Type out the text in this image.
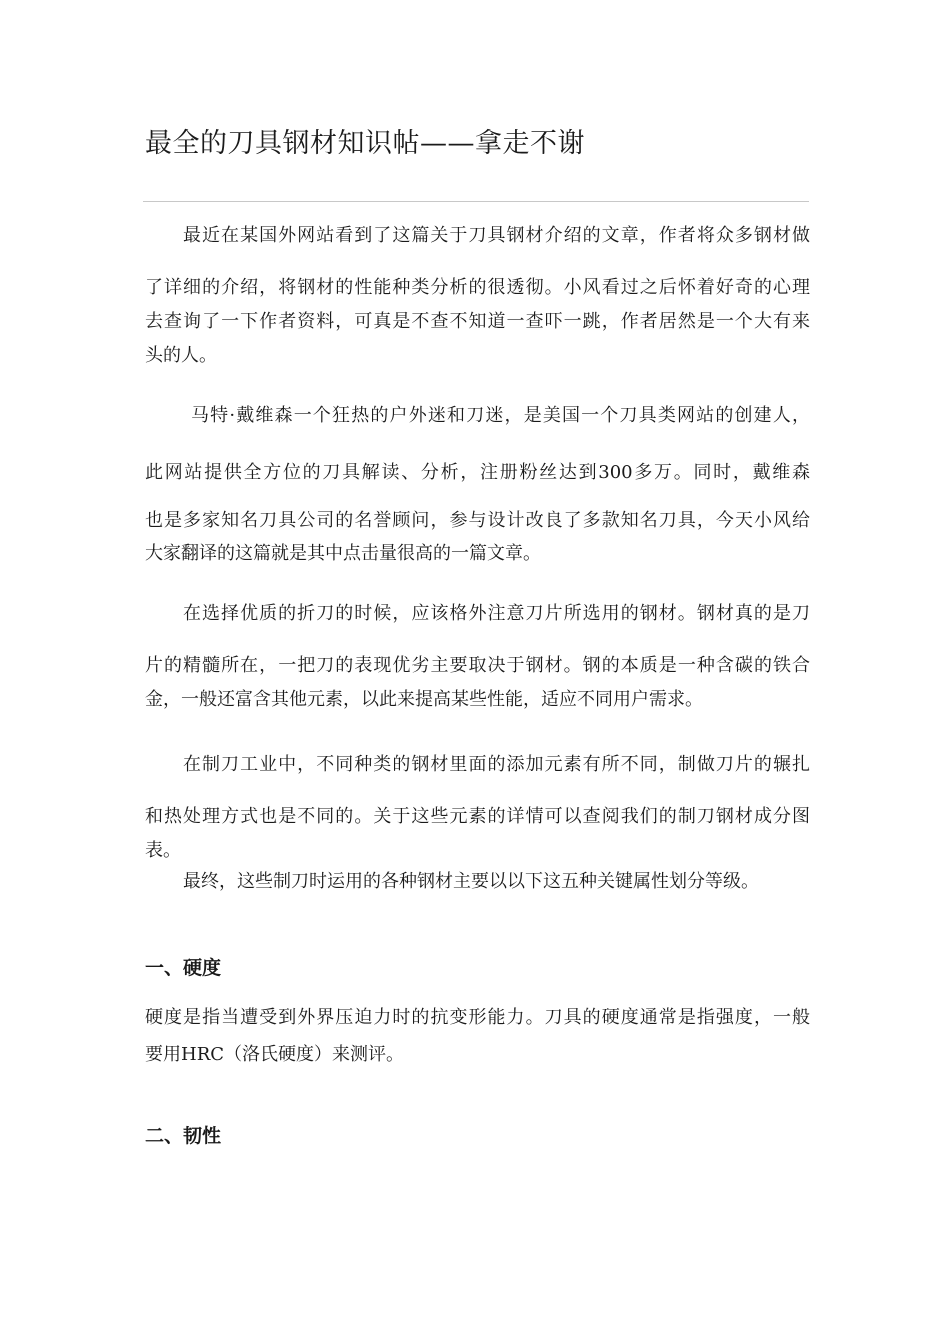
最全的刀具钢材知识帖——拿走不谢

最近在某国外网站看到了这篇关于刀具钢材介绍的文章，作者将众多钢材做

了详细的介绍，将钢材的性能种类分析的很透彻。小风看过之后怀着好奇的心理

去查询了一下作者资料，可真是不查不知道一查吓一跳，作者居然是一个大有来

头的人。

马特·戴维森一个狂热的户外迷和刀迷，是美国一个刀具类网站的创建人，

此网站提供全方位的刀具解读、分析，注册粉丝达到300多万。同时，戴维森

也是多家知名刀具公司的名誉顾问，参与设计改良了多款知名刀具，今天小风给

大家翻译的这篇就是其中点击量很高的一篇文章。

在选择优质的折刀的时候，应该格外注意刀片所选用的钢材。钢材真的是刀

片的精髓所在，一把刀的表现优劣主要取决于钢材。钢的本质是一种含碳的铁合

金，一般还富含其他元素，以此来提高某些性能，适应不同用户需求。

在制刀工业中，不同种类的钢材里面的添加元素有所不同，制做刀片的辗扎

和热处理方式也是不同的。关于这些元素的详情可以查阅我们的制刀钢材成分图

表。

最终，这些制刀时运用的各种钢材主要以以下这五种关键属性划分等级。

一、硬度

硬度是指当遭受到外界压迫力时的抗变形能力。刀具的硬度通常是指强度，一般

要用HRC（洛氏硬度）来测评。

二、韧性
